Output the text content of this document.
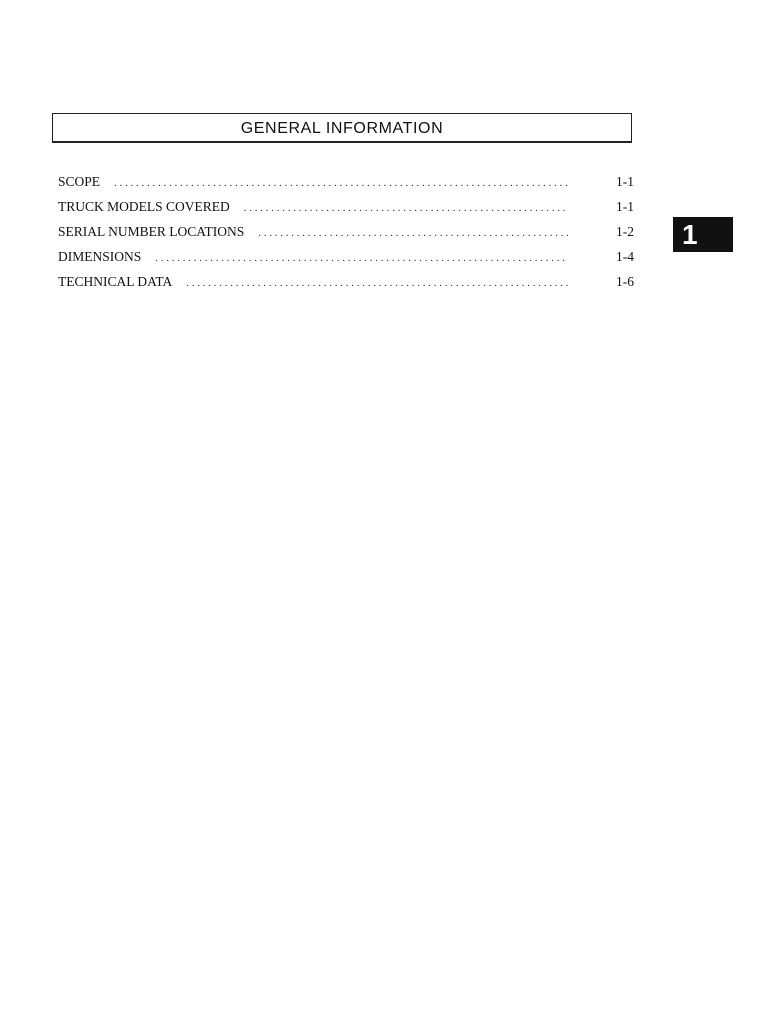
GENERAL INFORMATION
SCOPE . . .	1-1
TRUCK MODELS COVERED . . .	1-1
SERIAL NUMBER LOCATIONS . . .	1-2
DIMENSIONS . . .	1-4
TECHNICAL DATA . . .	1-6
1
